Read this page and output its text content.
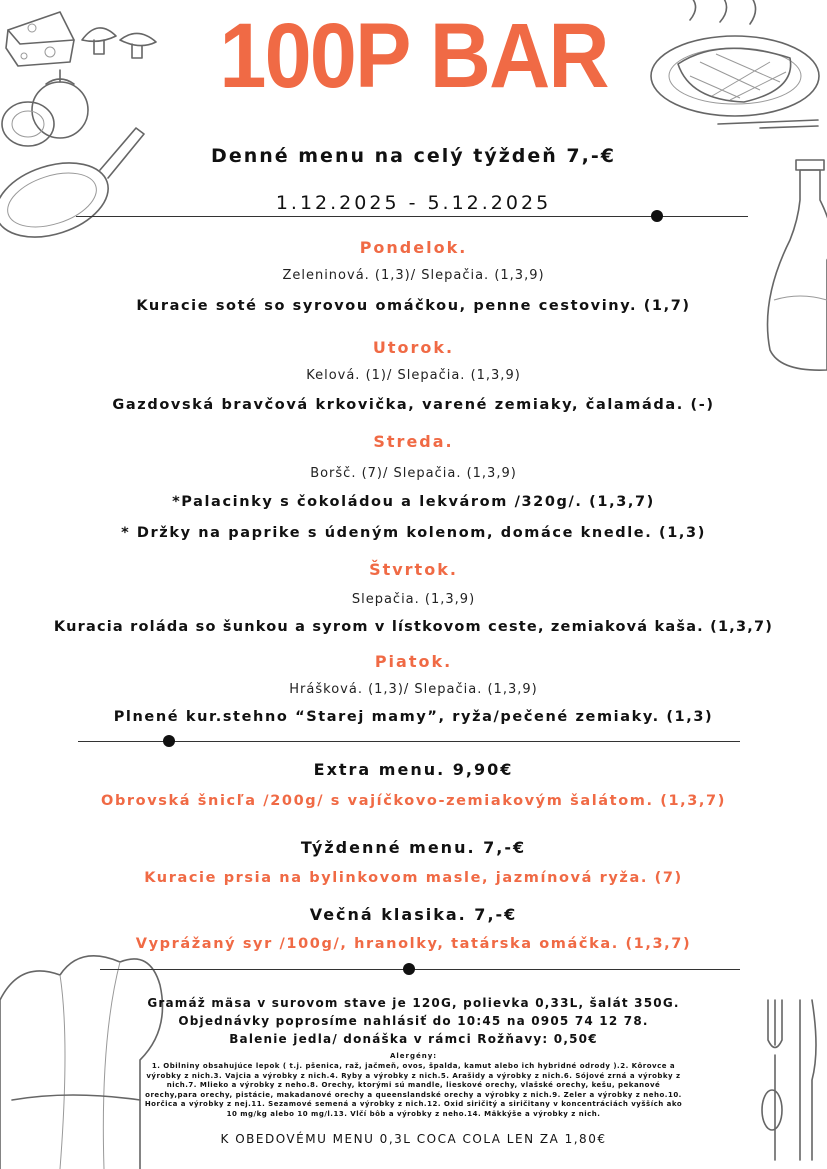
100P BAR
Denné menu na celý týždeň 7,-€
1.12.2025 - 5.12.2025
Pondelok.
Zeleninová. (1,3)/ Slepačia. (1,3,9)
Kuracie soté so syrovou omáčkou, penne cestoviny. (1,7)
Utorok.
Kelová. (1)/ Slepačia. (1,3,9)
Gazdovská bravčová krkovička, varené zemiaky, čalamáda. (-)
Streda.
Boršč. (7)/ Slepačia. (1,3,9)
*Palacinky s čokoládou a lekvárom /320g/. (1,3,7)
* Držky na paprike s údeným kolenom, domáce knedle. (1,3)
Štvrtok.
Slepačia. (1,3,9)
Kuracia roláda so šunkou a syrom v lístkovom ceste, zemiaková kaša. (1,3,7)
Piatok.
Hrášková. (1,3)/ Slepačia. (1,3,9)
Plnené kur.stehno “Starej mamy”, ryža/pečené zemiaky. (1,3)
Extra menu. 9,90€
Obrovská šnicľa /200g/ s vajíčkovo-zemiakovým šalátom. (1,3,7)
Týždenné menu. 7,-€
Kuracie prsia na bylinkovom masle, jazmínová ryža. (7)
Večná klasika. 7,-€
Vyprážaný syr /100g/, hranolky, tatárska omáčka. (1,3,7)
Gramáž mäsa v surovom stave je 120G, polievka 0,33L, šalát 350G.
Objednávky poprosíme nahlásiť do 10:45 na 0905 74 12 78.
Balenie jedla/ donáška v rámci Rožňavy: 0,50€
Alergény:
1. Obilniny obsahujúce lepok ( t.j. pšenica, raž, jačmeň, ovos, špalda, kamut alebo ich hybridné odrody ).2. Kôrovce a
výrobky z nich.3. Vajcia a výrobky z nich.4. Ryby a výrobky z nich.5. Arašidy a výrobky z nich.6. Sójové zrná a výrobky z
nich.7. Mlieko a výrobky z neho.8. Orechy, ktorými sú mandle, lieskové orechy, vlašské orechy, kešu, pekanové
orechy,para orechy, pistácie, makadanové orechy a queenslandské orechy a výrobky z nich.9. Zeler a výrobky z neho.10.
Horčica a výrobky z nej.11. Sezamové semená a výrobky z nich.12. Oxid siričitý a siričitany v koncentráciách vyšších ako
10 mg/kg alebo 10 mg/l.13. Vlčí bôb a výrobky z neho.14. Mäkkýše a výrobky z nich.
K OBEDOVÉMU MENU 0,3L COCA COLA LEN ZA 1,80€
